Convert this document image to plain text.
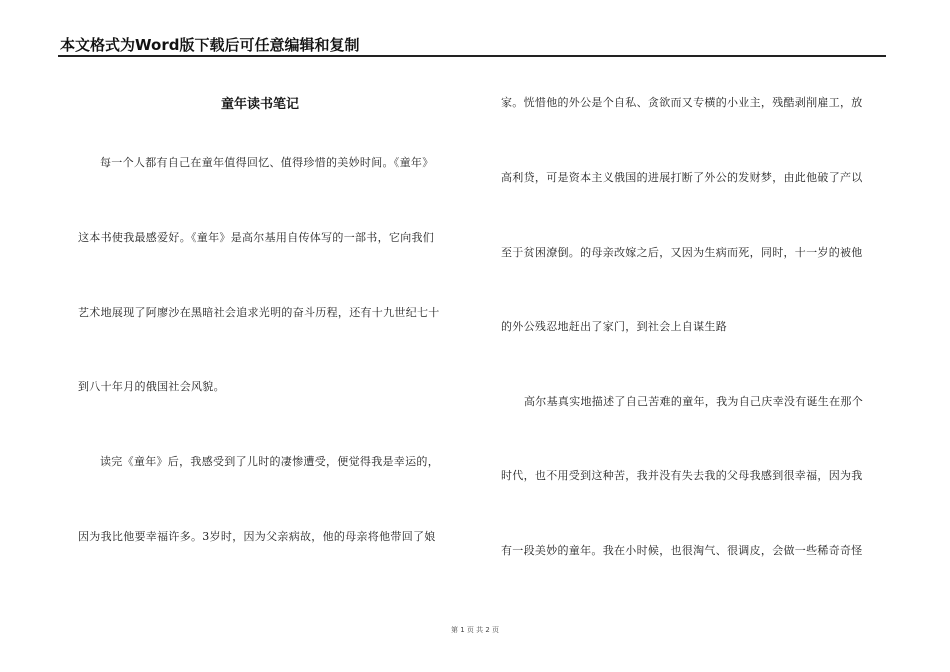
本文格式为Word版下载后可任意编辑和复制
童年读书笔记
每一个人都有自己在童年值得回忆、值得珍惜的美妙时间。《童年》
这本书使我最感爱好。《童年》是高尔基用自传体写的一部书，它向我们
艺术地展现了阿廖沙在黑暗社会追求光明的奋斗历程，还有十九世纪七十
到八十年月的俄国社会风貌。
读完《童年》后，我感受到了儿时的凄惨遭受，便觉得我是幸运的，
因为我比他要幸福许多。3岁时，因为父亲病故，他的母亲将他带回了娘
家。恍惜他的外公是个自私、贪欲而又专横的小业主，残酷剥削雇工，放
高利贷，可是资本主义俄国的进展打断了外公的发财梦，由此他破了产以
至于贫困潦倒。的母亲改嫁之后，又因为生病而死，同时，十一岁的被他
的外公残忍地赶出了家门，到社会上自谋生路
高尔基真实地描述了自己苦难的童年，我为自己庆幸没有诞生在那个
时代，也不用受到这种苦，我并没有失去我的父母我感到很幸福，因为我
有一段美妙的童年。我在小时候，也很淘气、很调皮，会做一些稀奇奇怪
第 1 页 共 2 页
